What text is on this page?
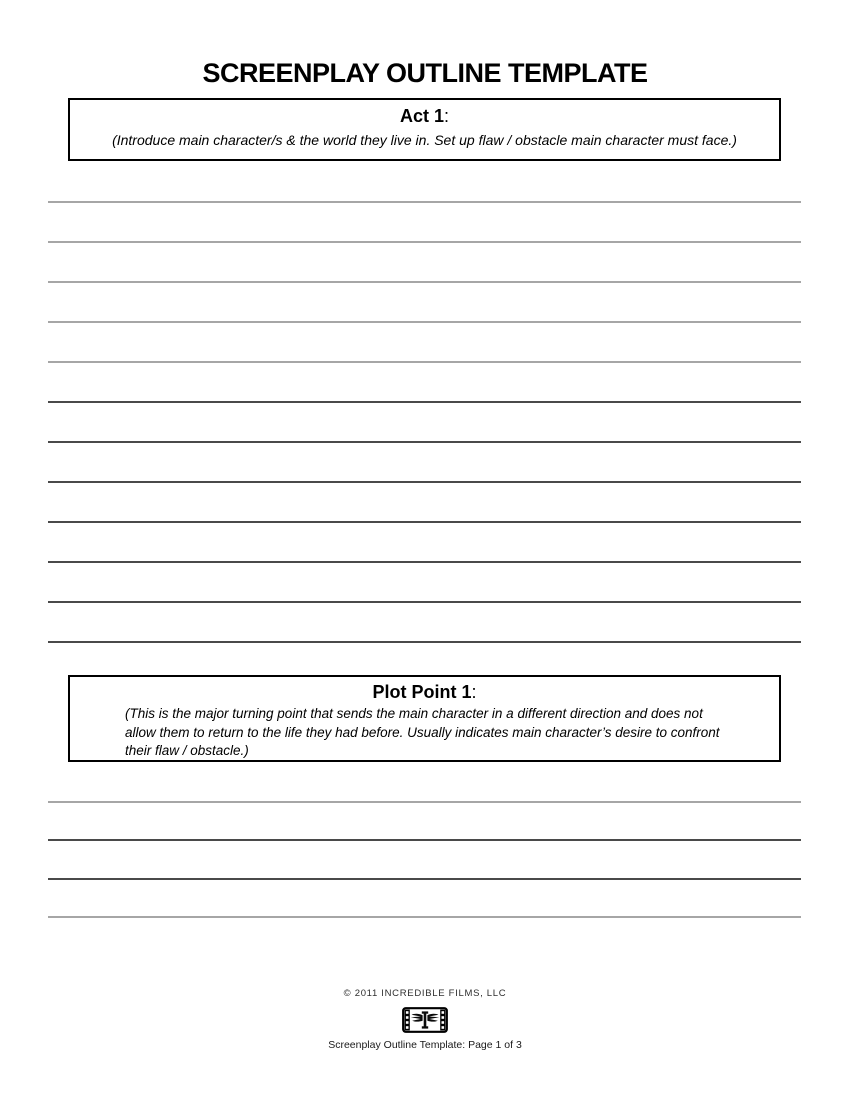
SCREENPLAY OUTLINE TEMPLATE
Act 1:
(Introduce main character/s & the world they live in. Set up flaw / obstacle main character must face.)
Plot Point 1:
(This is the major turning point that sends the main character in a different direction and does not
allow them to return to the life they had before. Usually indicates main character’s desire to confront
their flaw / obstacle.)
© 2011 INCREDIBLE FILMS, LLC
Screenplay Outline Template: Page 1 of 3
